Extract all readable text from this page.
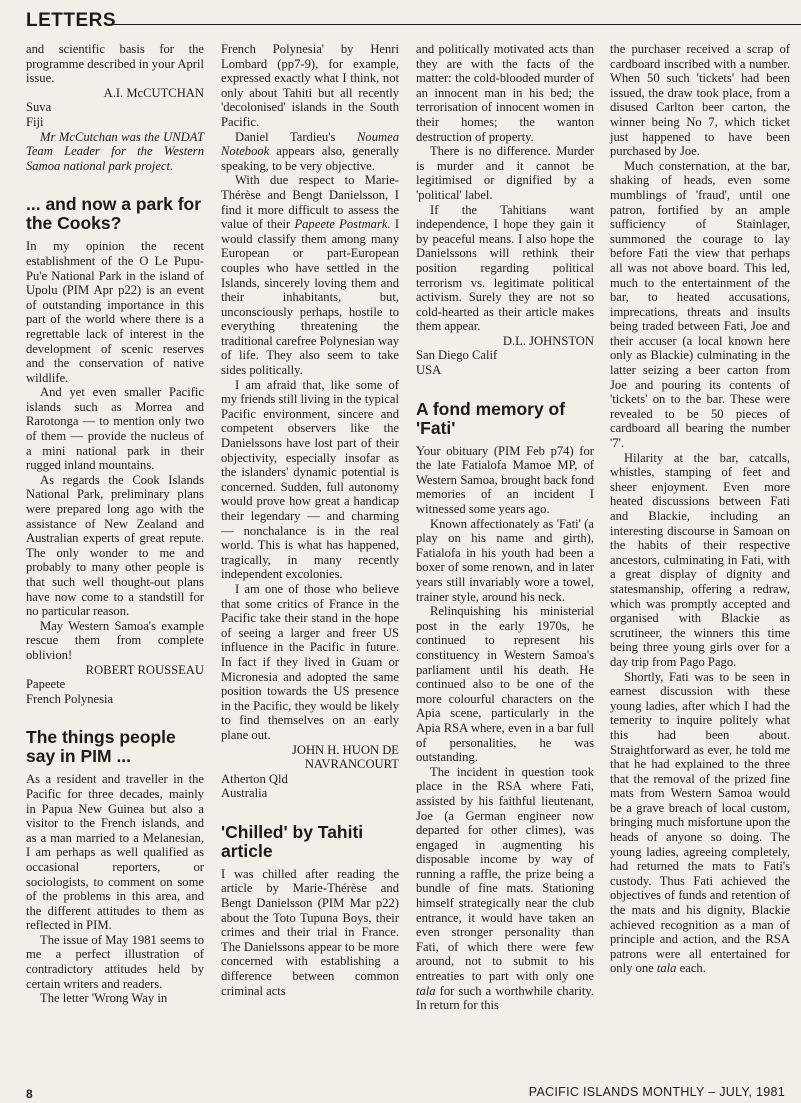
LETTERS

and scientific basis for the programme described in your April issue.

A.I. McCUTCHAN

Suva

Fiji

Mr McCutchan was the UNDAT Team Leader for the Western Samoa national park project.

... and now a park for the Cooks?

In my opinion the recent establishment of the O Le Pupu-Pu'e National Park in the island of Upolu (PIM Apr p22) is an event of outstanding importance in this part of the world where there is a regrettable lack of interest in the development of scenic reserves and the conservation of native wildlife.

And yet even smaller Pacific islands such as Morrea and Rarotonga — to mention only two of them — provide the nucleus of a mini national park in their rugged inland mountains.

As regards the Cook Islands National Park, preliminary plans were prepared long ago with the assistance of New Zealand and Australian experts of great repute. The only wonder to me and probably to many other people is that such well thought-out plans have now come to a standstill for no particular reason.

May Western Samoa's example rescue them from complete oblivion!

ROBERT ROUSSEAU

Papeete

French Polynesia

The things people say in PIM ...

As a resident and traveller in the Pacific for three decades, mainly in Papua New Guinea but also a visitor to the French islands, and as a man married to a Melanesian, I am perhaps as well qualified as occasional reporters, or sociologists, to comment on some of the problems in this area, and the different attitudes to them as reflected in PIM.

The issue of May 1981 seems to me a perfect illustration of contradictory attitudes held by certain writers and readers.

The letter 'Wrong Way in

French Polynesia' by Henri Lombard (pp7-9), for example, expressed exactly what I think, not only about Tahiti but all recently 'decolonised' islands in the South Pacific.

Daniel Tardieu's Noumea Notebook appears also, generally speaking, to be very objective.

With due respect to Marie-Thérèse and Bengt Danielsson, I find it more difficult to assess the value of their Papeete Postmark. I would classify them among many European or part-European couples who have settled in the Islands, sincerely loving them and their inhabitants, but, unconsciously perhaps, hostile to everything threatening the traditional carefree Polynesian way of life. They also seem to take sides politically.

I am afraid that, like some of my friends still living in the typical Pacific environment, sincere and competent observers like the Danielssons have lost part of their objectivity, especially insofar as the islanders' dynamic potential is concerned. Sudden, full autonomy would prove how great a handicap their legendary — and charming — nonchalance is in the real world. This is what has happened, tragically, in many recently independent excolonies.

I am one of those who believe that some critics of France in the Pacific take their stand in the hope of seeing a larger and freer US influence in the Pacific in future. In fact if they lived in Guam or Micronesia and adopted the same position towards the US presence in the Pacific, they would be likely to find themselves on an early plane out.

JOHN H. HUON DE

NAVRANCOURT

Atherton Qld

Australia

'Chilled' by Tahiti article

I was chilled after reading the article by Marie-Thérèse and Bengt Danielsson (PIM Mar p22) about the Toto Tupuna Boys, their crimes and their trial in France. The Danielssons appear to be more concerned with establishing a difference between common criminal acts

and politically motivated acts than they are with the facts of the matter: the cold-blooded murder of an innocent man in his bed; the terrorisation of innocent women in their homes; the wanton destruction of property.

There is no difference. Murder is murder and it cannot be legitimised or dignified by a 'political' label.

If the Tahitians want independence, I hope they gain it by peaceful means. I also hope the Danielssons will rethink their position regarding political terrorism vs. legitimate political activism. Surely they are not so cold-hearted as their article makes them appear.

D.L. JOHNSTON

San Diego Calif

USA

A fond memory of 'Fati'

Your obituary (PIM Feb p74) for the late Fatialofa Mamoe MP, of Western Samoa, brought back fond memories of an incident I witnessed some years ago.

Known affectionately as 'Fati' (a play on his name and girth), Fatialofa in his youth had been a boxer of some renown, and in later years still invariably wore a towel, trainer style, around his neck.

Relinquishing his ministerial post in the early 1970s, he continued to represent his constituency in Western Samoa's parliament until his death. He continued also to be one of the more colourful characters on the Apia scene, particularly in the Apia RSA where, even in a bar full of personalities, he was outstanding.

The incident in question took place in the RSA where Fati, assisted by his faithful lieutenant, Joe (a German engineer now departed for other climes), was engaged in augmenting his disposable income by way of running a raffle, the prize being a bundle of fine mats. Stationing himself strategically near the club entrance, it would have taken an even stronger personality than Fati, of which there were few around, not to submit to his entreaties to part with only one tala for such a worthwhile charity. In return for this

the purchaser received a scrap of cardboard inscribed with a number. When 50 such 'tickets' had been issued, the draw took place, from a disused Carlton beer carton, the winner being No 7, which ticket just happened to have been purchased by Joe.

Much consternation, at the bar, shaking of heads, even some mumblings of 'fraud', until one patron, fortified by an ample sufficiency of Stainlager, summoned the courage to lay before Fati the view that perhaps all was not above board. This led, much to the entertainment of the bar, to heated accusations, imprecations, threats and insults being traded between Fati, Joe and their accuser (a local known here only as Blackie) culminating in the latter seizing a beer carton from Joe and pouring its contents of 'tickets' on to the bar. These were revealed to be 50 pieces of cardboard all bearing the number '7'.

Hilarity at the bar, catcalls, whistles, stamping of feet and sheer enjoyment. Even more heated discussions between Fati and Blackie, including an interesting discourse in Samoan on the habits of their respective ancestors, culminating in Fati, with a great display of dignity and statesmanship, offering a redraw, which was promptly accepted and organised with Blackie as scrutineer, the winners this time being three young girls over for a day trip from Pago Pago.

Shortly, Fati was to be seen in earnest discussion with these young ladies, after which I had the temerity to inquire politely what this had been about. Straightforward as ever, he told me that he had explained to the three that the removal of the prized fine mats from Western Samoa would be a grave breach of local custom, bringing much misfortune upon the heads of anyone so doing. The young ladies, agreeing completely, had returned the mats to Fati's custody. Thus Fati achieved the objectives of funds and retention of the mats and his dignity, Blackie achieved recognition as a man of principle and action, and the RSA patrons were all entertained for only one tala each.

8	PACIFIC ISLANDS MONTHLY – JULY, 1981
